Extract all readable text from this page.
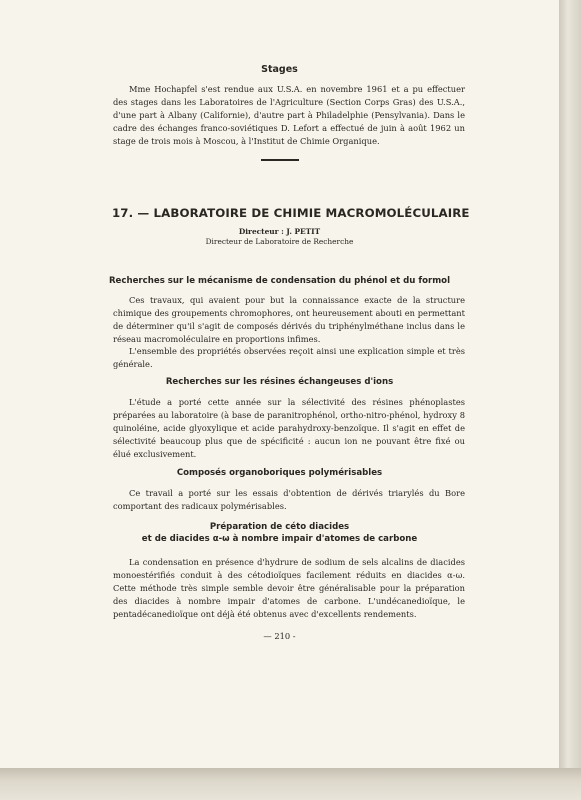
Stages
Mme Hochapfel s'est rendue aux U.S.A. en novembre 1961 et a pu effectuer des stages dans les Laboratoires de l'Agriculture (Section Corps Gras) des U.S.A., d'une part à Albany (Californie), d'autre part à Philadelphie (Pensylvania). Dans le cadre des échanges franco-soviétiques D. Lefort a effectué de juin à août 1962 un stage de trois mois à Moscou, à l'Institut de Chimie Organique.
17. — LABORATOIRE DE CHIMIE MACROMOLÉCULAIRE
Directeur : J. PETIT
Directeur de Laboratoire de Recherche
Recherches sur le mécanisme de condensation du phénol et du formol
Ces travaux, qui avaient pour but la connaissance exacte de la structure chimique des groupements chromophores, ont heureusement abouti en permettant de déterminer qu'il s'agit de composés dérivés du triphénylméthane inclus dans le réseau macromoléculaire en proportions infimes.
L'ensemble des propriétés observées reçoit ainsi une explication simple et très générale.
Recherches sur les résines échangeuses d'ions
L'étude a porté cette année sur la sélectivité des résines phénoplastes préparées au laboratoire (à base de paranitrophénol, ortho-nitro-phénol, hydroxy 8 quinoléine, acide glyoxylique et acide parahydroxy-benzoïque. Il s'agit en effet de sélectivité beaucoup plus que de spécificité : aucun ion ne pouvant être fixé ou élué exclusivement.
Composés organoboriques polymérisables
Ce travail a porté sur les essais d'obtention de dérivés triarylés du Bore comportant des radicaux polymérisables.
Préparation de céto diacides
et de diacides α-ω à nombre impair d'atomes de carbone
La condensation en présence d'hydrure de sodium de sels alcalins de diacides monoestérifiés conduit à des cétodioïques facilement réduits en diacides α-ω. Cette méthode très simple semble devoir être généralisable pour la préparation des diacides à nombre impair d'atomes de carbone. L'undécanedioïque, le pentadécanedioïque ont déjà été obtenus avec d'excellents rendements.
— 210 -
